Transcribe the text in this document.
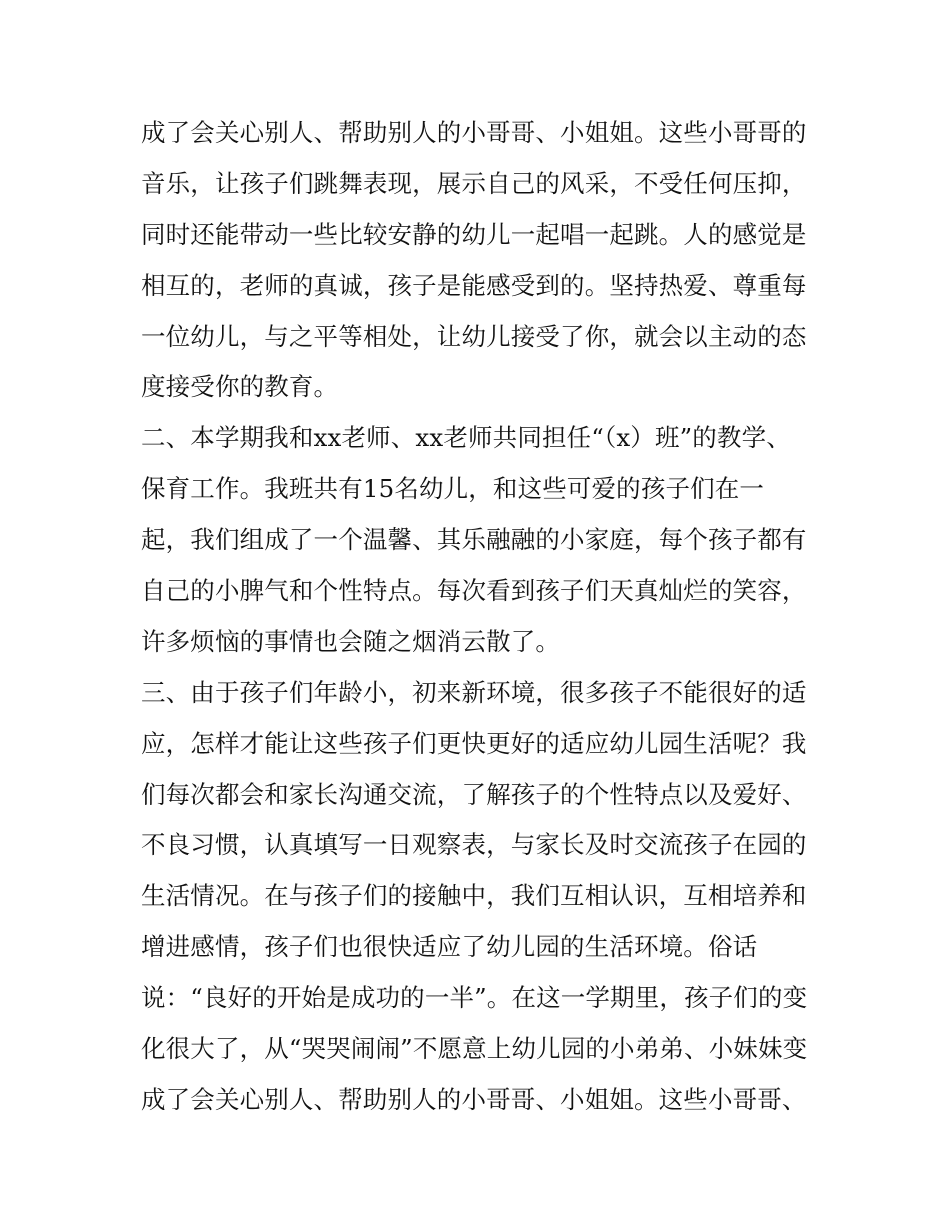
成了会关心别人、帮助别人的小哥哥、小姐姐。这些小哥哥的
音乐，让孩子们跳舞表现，展示自己的风采，不受任何压抑，
同时还能带动一些比较安静的幼儿一起唱一起跳。人的感觉是
相互的，老师的真诚，孩子是能感受到的。坚持热爱、尊重每
一位幼儿，与之平等相处，让幼儿接受了你，就会以主动的态
度接受你的教育。
二、本学期我和xx老师、xx老师共同担任“（x）班”的教学、
保育工作。我班共有15名幼儿，和这些可爱的孩子们在一
起，我们组成了一个温馨、其乐融融的小家庭，每个孩子都有
自己的小脾气和个性特点。每次看到孩子们天真灿烂的笑容，
许多烦恼的事情也会随之烟消云散了。
三、由于孩子们年龄小，初来新环境，很多孩子不能很好的适
应，怎样才能让这些孩子们更快更好的适应幼儿园生活呢？我
们每次都会和家长沟通交流，了解孩子的个性特点以及爱好、
不良习惯，认真填写一日观察表，与家长及时交流孩子在园的
生活情况。在与孩子们的接触中，我们互相认识，互相培养和
增进感情，孩子们也很快适应了幼儿园的生活环境。俗话
说：“良好的开始是成功的一半”。在这一学期里，孩子们的变
化很大了，从“哭哭闹闹”不愿意上幼儿园的小弟弟、小妹妹变
成了会关心别人、帮助别人的小哥哥、小姐姐。这些小哥哥、
